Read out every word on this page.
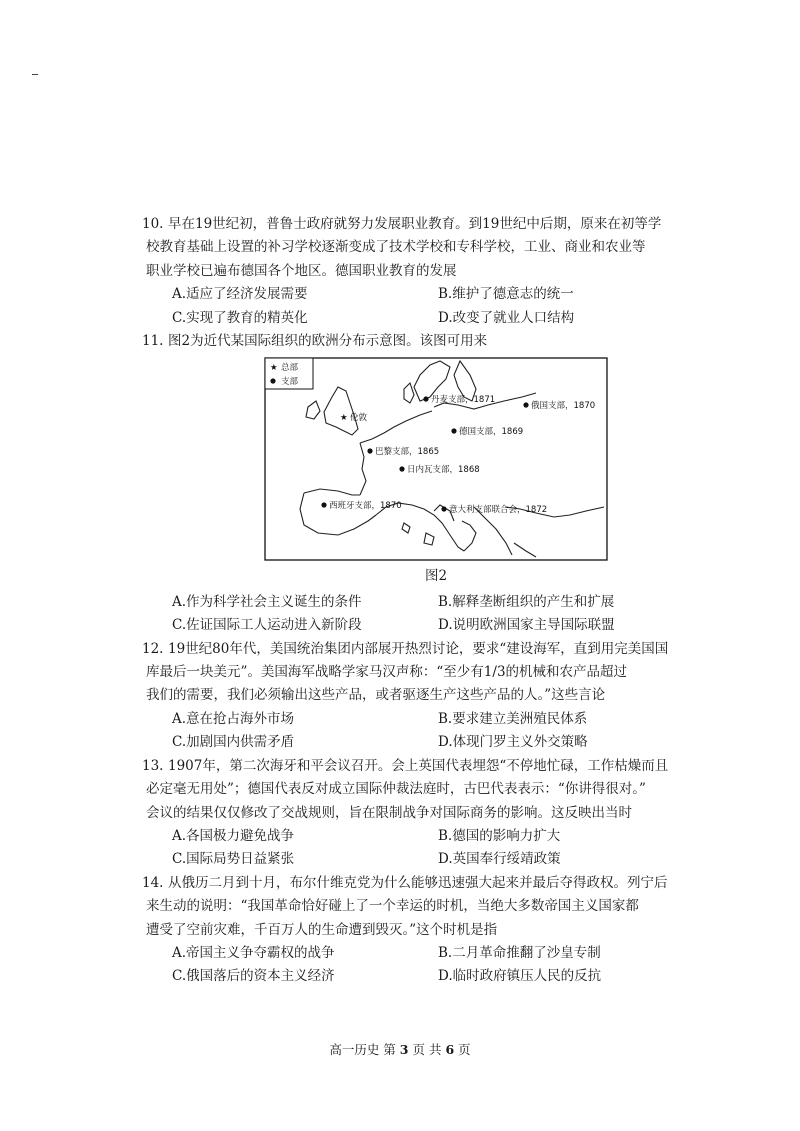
10. 早在19世纪初，普鲁士政府就努力发展职业教育。到19世纪中后期，原来在初等学
校教育基础上设置的补习学校逐渐变成了技术学校和专科学校，工业、商业和农业等
职业学校已遍布德国各个地区。德国职业教育的发展
A.适应了经济发展需要	B.维护了德意志的统一
C.实现了教育的精英化	D.改变了就业人口结构
11. 图2为近代某国际组织的欧洲分布示意图。该图可用来
★ 总部
支部
★ 伦敦
丹麦支部，1871
俄国支部，1870
德国支部，1869
巴黎支部，1865
日内瓦支部，1868
西班牙支部，1870	意大利支部联合会，1872
图2
A.作为科学社会主义诞生的条件	B.解释垄断组织的产生和扩展
C.佐证国际工人运动进入新阶段	D.说明欧洲国家主导国际联盟
12. 19世纪80年代，美国统治集团内部展开热烈讨论，要求“建设海军，直到用完美国国
库最后一块美元”。美国海军战略学家马汉声称：“至少有1/3的机械和农产品超过
我们的需要，我们必须输出这些产品，或者驱逐生产这些产品的人。”这些言论
A.意在抢占海外市场	B.要求建立美洲殖民体系
C.加剧国内供需矛盾	D.体现门罗主义外交策略
13. 1907年，第二次海牙和平会议召开。会上英国代表埋怨“不停地忙碌，工作枯燥而且
必定毫无用处”；德国代表反对成立国际仲裁法庭时，古巴代表表示：“你讲得很对。”
会议的结果仅仅修改了交战规则，旨在限制战争对国际商务的影响。这反映出当时
A.各国极力避免战争	B.德国的影响力扩大
C.国际局势日益紧张	D.英国奉行绥靖政策
14. 从俄历二月到十月，布尔什维克党为什么能够迅速强大起来并最后夺得政权。列宁后
来生动的说明：“我国革命恰好碰上了一个幸运的时机，当绝大多数帝国主义国家都
遭受了空前灾难，千百万人的生命遭到毁灭。”这个时机是指
A.帝国主义争夺霸权的战争	B.二月革命推翻了沙皇专制
C.俄国落后的资本主义经济	D.临时政府镇压人民的反抗
高一历史 第 3 页 共 6 页
